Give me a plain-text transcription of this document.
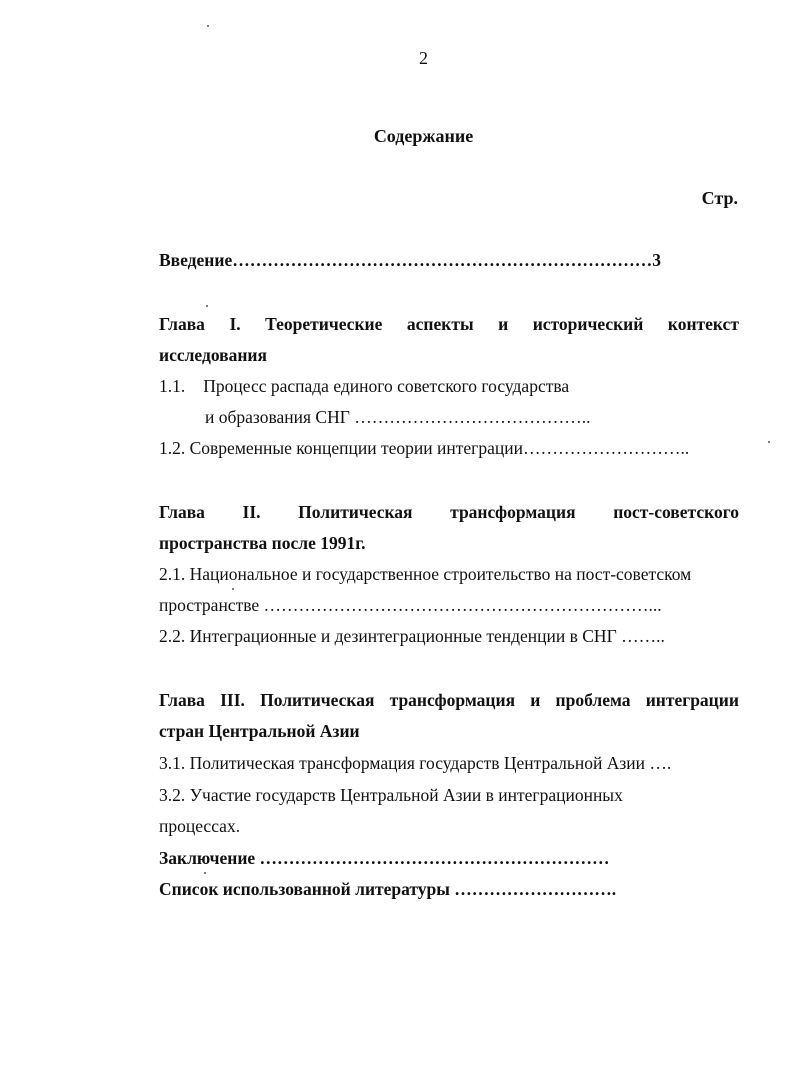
2
Содержание
Стр.
Введение………………………………………………………………3
Глава I. Теоретические аспекты и исторический контекст
исследования
1.1. Процесс распада единого советского государства
и образования СНГ …………………………………..
1.2. Современные концепции теории интеграции………………………..
Глава II. Политическая трансформация пост-советского
пространства после 1991г.
2.1. Национальное и государственное строительство на пост-советском
пространстве …………………………………………………………...
2.2. Интеграционные и дезинтеграционные тенденции в СНГ ……..
Глава III. Политическая трансформация и проблема интеграции
стран Центральной Азии
3.1. Политическая трансформация государств Центральной Азии ….
3.2. Участие государств Центральной Азии в интеграционных
процессах.
Заключение ……………………………………………………
Список использованной литературы ……………………….
